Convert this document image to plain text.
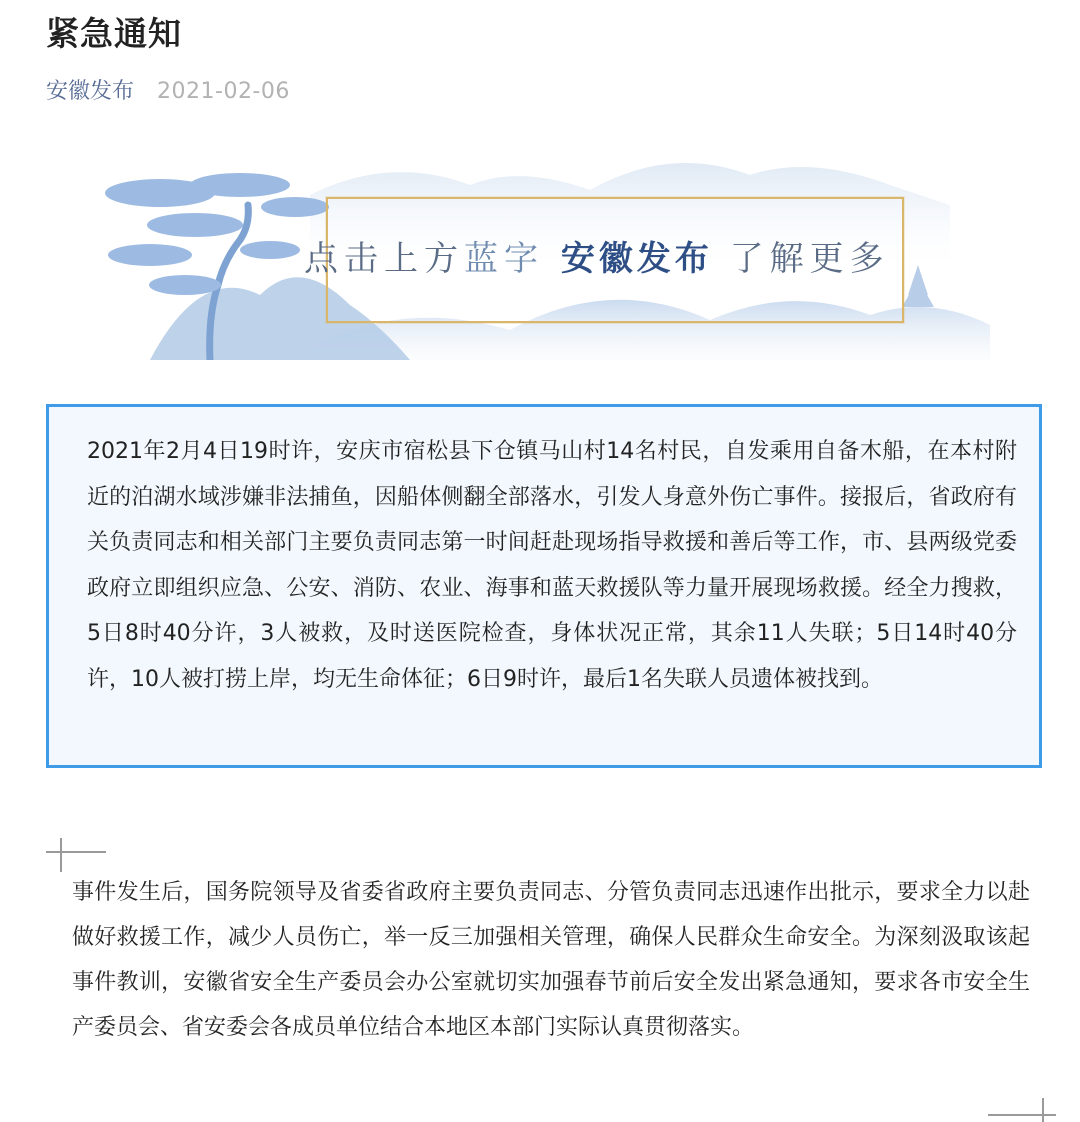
紧急通知
安徽发布 2021-02-06
点击上方蓝字 安徽发布 了解更多

2021年2月4日19时许，安庆市宿松县下仓镇马山村14名村民，自发乘用自备木船，在本村附近的泊湖水域涉嫌非法捕鱼，因船体侧翻全部落水，引发人身意外伤亡事件。接报后，省政府有关负责同志和相关部门主要负责同志第一时间赶赴现场指导救援和善后等工作，市、县两级党委政府立即组织应急、公安、消防、农业、海事和蓝天救援队等力量开展现场救援。经全力搜救，5日8时40分许，3人被救，及时送医院检查，身体状况正常，其余11人失联；5日14时40分许，10人被打捞上岸，均无生命体征；6日9时许，最后1名失联人员遗体被找到。

事件发生后，国务院领导及省委省政府主要负责同志、分管负责同志迅速作出批示，要求全力以赴做好救援工作，减少人员伤亡，举一反三加强相关管理，确保人民群众生命安全。为深刻汲取该起事件教训，安徽省安全生产委员会办公室就切实加强春节前后安全发出紧急通知，要求各市安全生产委员会、省安委会各成员单位结合本地区本部门实际认真贯彻落实。
